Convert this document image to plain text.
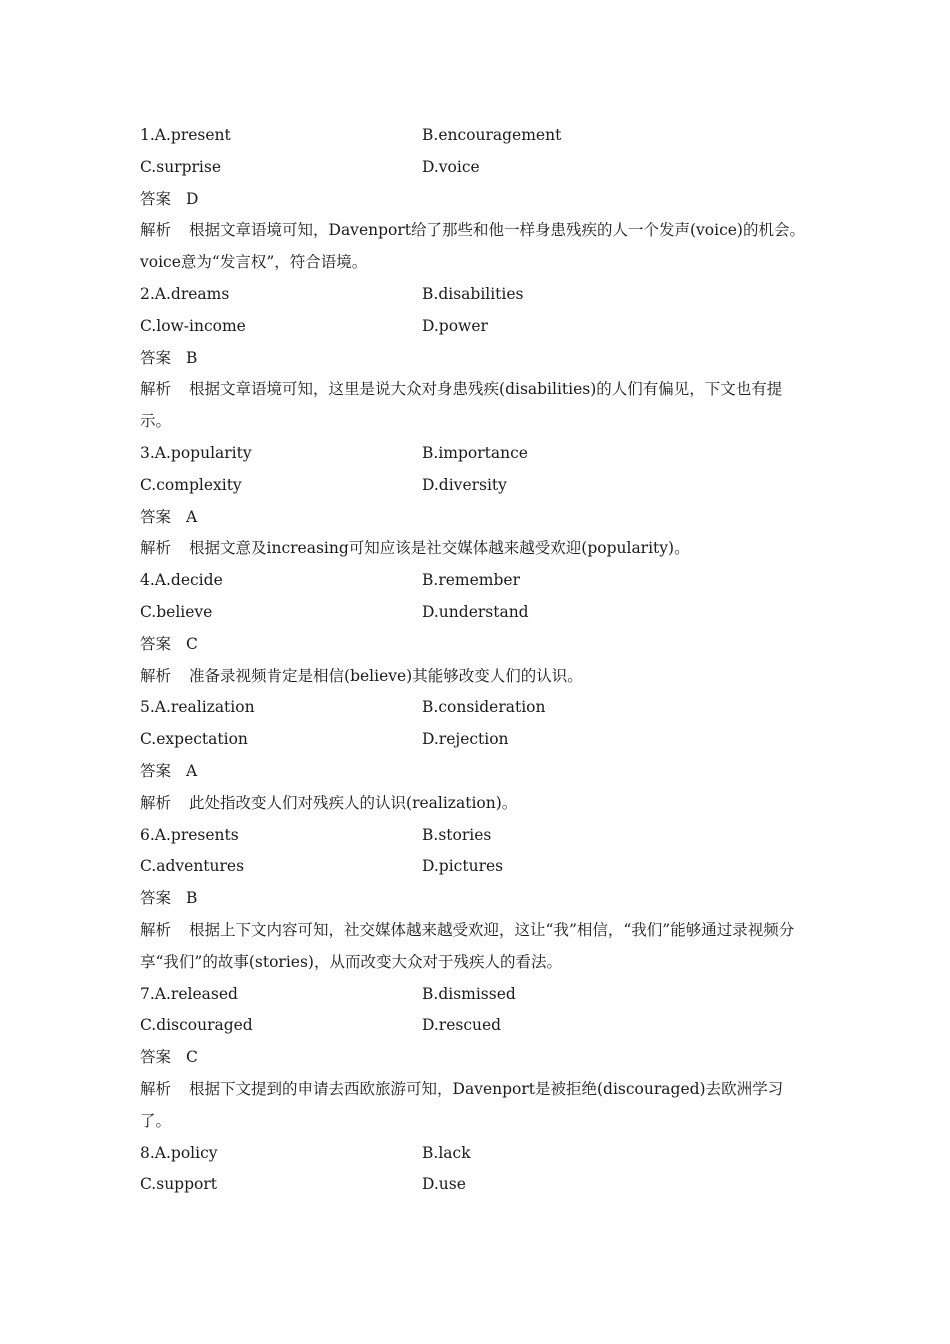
1.A.present	B.encouragement
C.surprise	D.voice
答案 D
解析 根据文章语境可知，Davenport给了那些和他一样身患残疾的人一个发声(voice)的机会。voice意为“发言权”，符合语境。
2.A.dreams	B.disabilities
C.low-income	D.power
答案 B
解析 根据文章语境可知，这里是说大众对身患残疾(disabilities)的人们有偏见，下文也有提示。
3.A.popularity	B.importance
C.complexity	D.diversity
答案 A
解析 根据文意及increasing可知应该是社交媒体越来越受欢迎(popularity)。
4.A.decide	B.remember
C.believe	D.understand
答案 C
解析 准备录视频肯定是相信(believe)其能够改变人们的认识。
5.A.realization	B.consideration
C.expectation	D.rejection
答案 A
解析 此处指改变人们对残疾人的认识(realization)。
6.A.presents	B.stories
C.adventures	D.pictures
答案 B
解析 根据上下文内容可知，社交媒体越来越受欢迎，这让“我”相信，“我们”能够通过录视频分享“我们”的故事(stories)，从而改变大众对于残疾人的看法。
7.A.released	B.dismissed
C.discouraged	D.rescued
答案 C
解析 根据下文提到的申请去西欧旅游可知，Davenport是被拒绝(discouraged)去欧洲学习了。
8.A.policy	B.lack
C.support	D.use
